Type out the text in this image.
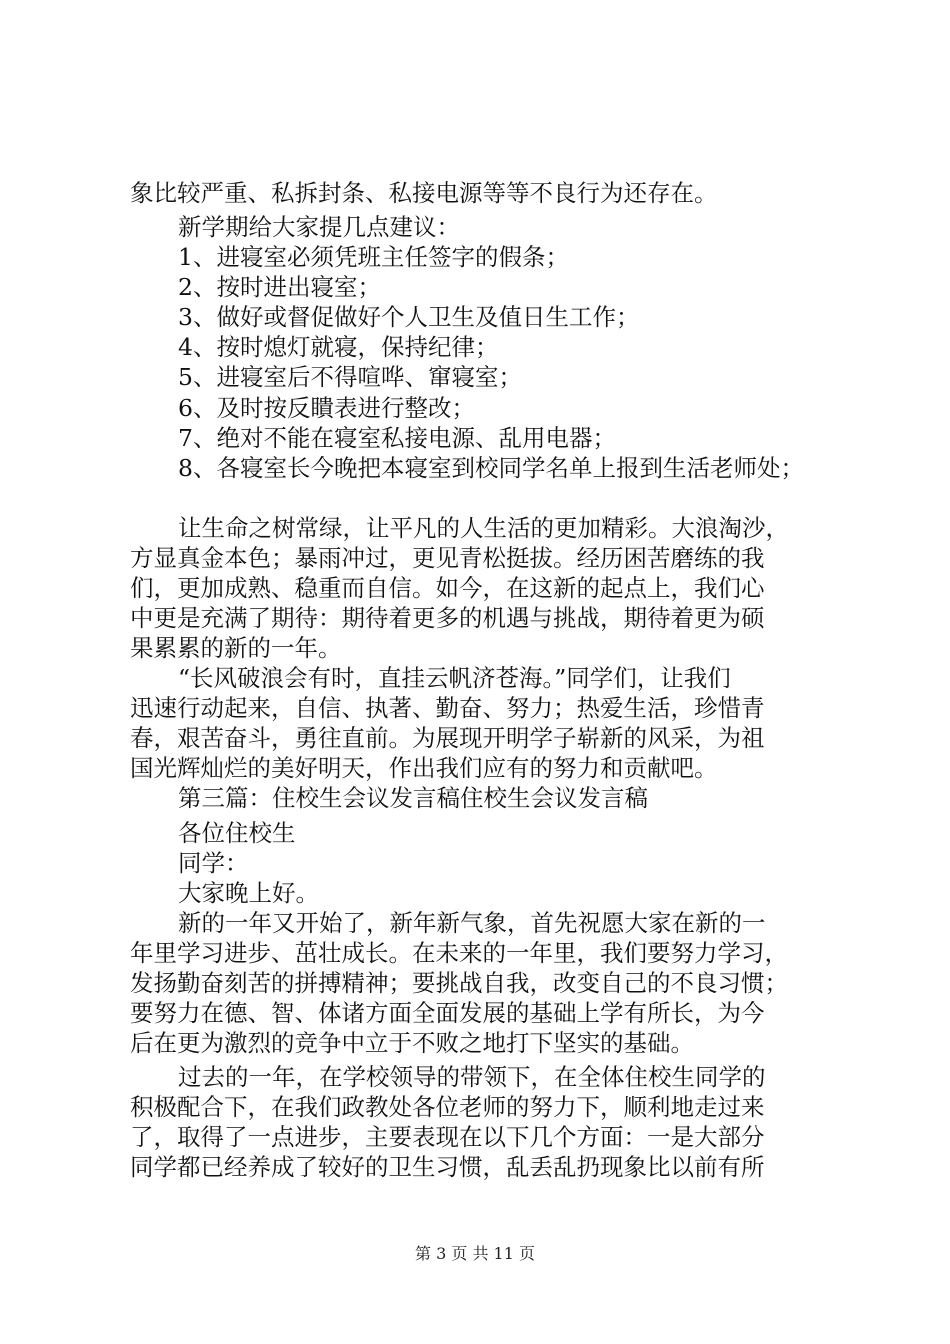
象比较严重、私拆封条、私接电源等等不良行为还存在。
新学期给大家提几点建议：
1、进寝室必须凭班主任签字的假条；
2、按时进出寝室；
3、做好或督促做好个人卫生及值日生工作；
4、按时熄灯就寝，保持纪律；
5、进寝室后不得喧哗、窜寝室；
6、及时按反瞶表进行整改；
7、绝对不能在寝室私接电源、乱用电器；
8、各寝室长今晚把本寝室到校同学名单上报到生活老师处；
让生命之树常绿，让平凡的人生活的更加精彩。大浪淘沙，
方显真金本色；暴雨冲过，更见青松挺拔。经历困苦磨练的我
们，更加成熟、稳重而自信。如今，在这新的起点上，我们心
中更是充满了期待：期待着更多的机遇与挑战，期待着更为硕
果累累的新的一年。
“长风破浪会有时，直挂云帆济苍海。”同学们，让我们
迅速行动起来，自信、执著、勤奋、努力；热爱生活，珍惜青
春，艰苦奋斗，勇往直前。为展现开明学子崭新的风采，为祖
国光辉灿烂的美好明天，作出我们应有的努力和贡献吧。
第三篇：住校生会议发言稿住校生会议发言稿
各位住校生
同学：
大家晚上好。
新的一年又开始了，新年新气象，首先祝愿大家在新的一
年里学习进步、茁壮成长。在未来的一年里，我们要努力学习，
发扬勤奋刻苦的拼搏精神；要挑战自我，改变自己的不良习惯；
要努力在德、智、体诸方面全面发展的基础上学有所长，为今
后在更为激烈的竞争中立于不败之地打下坚实的基础。
过去的一年，在学校领导的带领下，在全体住校生同学的
积极配合下，在我们政教处各位老师的努力下，顺利地走过来
了，取得了一点进步，主要表现在以下几个方面：一是大部分
同学都已经养成了较好的卫生习惯，乱丢乱扔现象比以前有所
第 3 页 共 11 页
